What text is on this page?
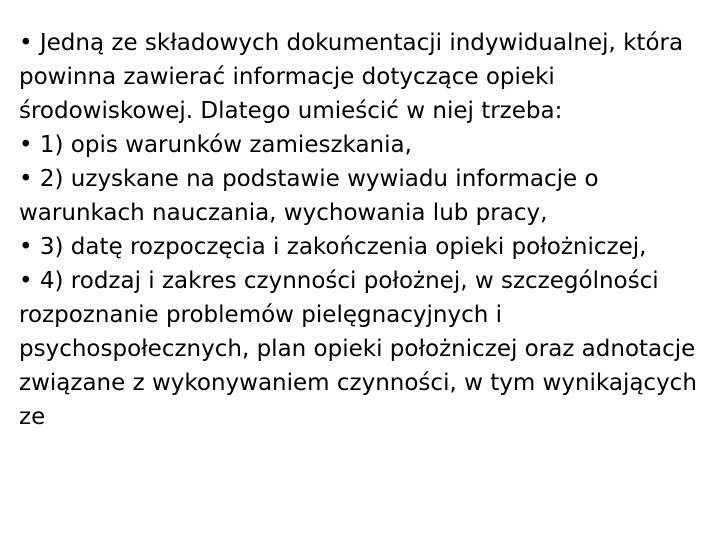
• Jedną ze składowych dokumentacji indywidualnej, która powinna zawierać informacje dotyczące opieki środowiskowej. Dlatego umieścić w niej trzeba:
• 1) opis warunków zamieszkania,
• 2) uzyskane na podstawie wywiadu informacje o warunkach nauczania, wychowania lub pracy,
• 3) datę rozpoczęcia i zakończenia opieki położniczej,
• 4) rodzaj i zakres czynności położnej, w szczególności rozpoznanie problemów pielęgnacyjnych i psychospołecznych, plan opieki położniczej oraz adnotacje związane z wykonywaniem czynności, w tym wynikających ze
